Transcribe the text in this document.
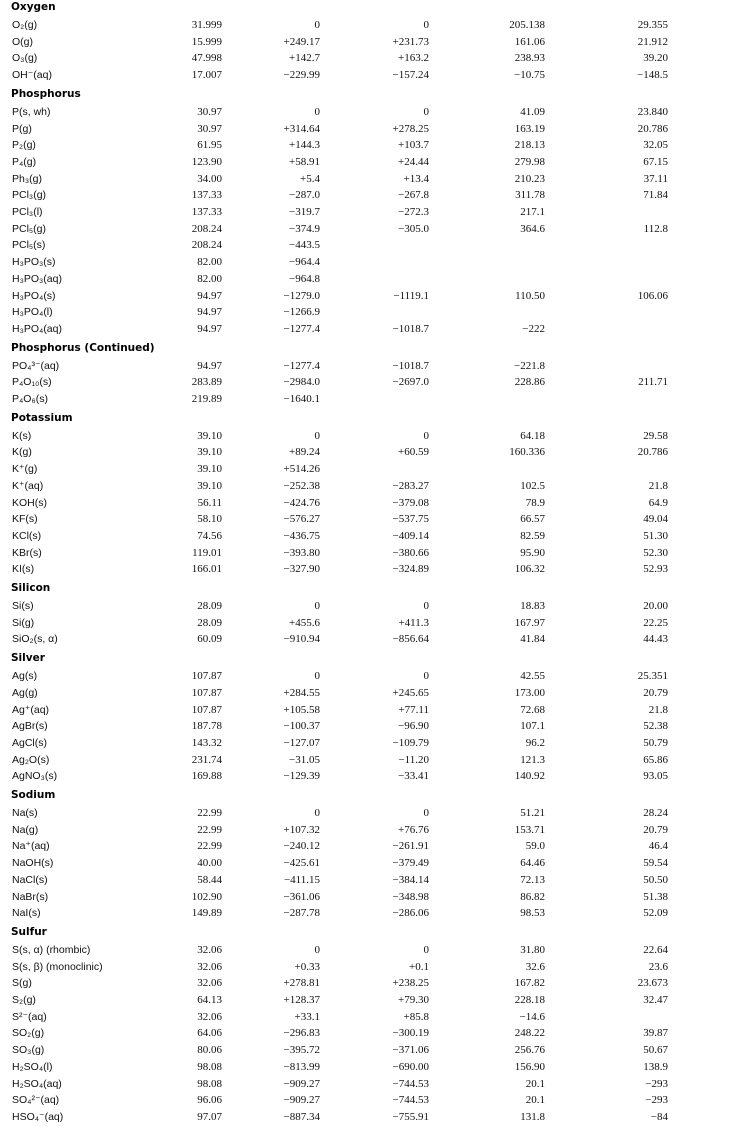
Oxygen
O₂(g)	31.999	0	0	205.138	29.355
O(g)	15.999	+249.17	+231.73	161.06	21.912
O₃(g)	47.998	+142.7	+163.2	238.93	39.20
OH⁻(aq)	17.007	−229.99	−157.24	−10.75	−148.5
Phosphorus
P(s, wh)	30.97	0	0	41.09	23.840
P(g)	30.97	+314.64	+278.25	163.19	20.786
P₂(g)	61.95	+144.3	+103.7	218.13	32.05
P₄(g)	123.90	+58.91	+24.44	279.98	67.15
Ph₃(g)	34.00	+5.4	+13.4	210.23	37.11
PCl₃(g)	137.33	−287.0	−267.8	311.78	71.84
PCl₃(l)	137.33	−319.7	−272.3	217.1
PCl₅(g)	208.24	−374.9	−305.0	364.6	112.8
PCl₅(s)	208.24	−443.5
H₃PO₃(s)	82.00	−964.4
H₃PO₃(aq)	82.00	−964.8
H₃PO₄(s)	94.97	−1279.0	−1119.1	110.50	106.06
H₃PO₄(l)	94.97	−1266.9
H₃PO₄(aq)	94.97	−1277.4	−1018.7	−222
Phosphorus (Continued)
PO₄³⁻(aq)	94.97	−1277.4	−1018.7	−221.8
P₄O₁₀(s)	283.89	−2984.0	−2697.0	228.86	211.71
P₄O₆(s)	219.89	−1640.1
Potassium
K(s)	39.10	0	0	64.18	29.58
K(g)	39.10	+89.24	+60.59	160.336	20.786
K⁺(g)	39.10	+514.26
K⁺(aq)	39.10	−252.38	−283.27	102.5	21.8
KOH(s)	56.11	−424.76	−379.08	78.9	64.9
KF(s)	58.10	−576.27	−537.75	66.57	49.04
KCl(s)	74.56	−436.75	−409.14	82.59	51.30
KBr(s)	119.01	−393.80	−380.66	95.90	52.30
KI(s)	166.01	−327.90	−324.89	106.32	52.93
Silicon
Si(s)	28.09	0	0	18.83	20.00
Si(g)	28.09	+455.6	+411.3	167.97	22.25
SiO₂(s, α)	60.09	−910.94	−856.64	41.84	44.43
Silver
Ag(s)	107.87	0	0	42.55	25.351
Ag(g)	107.87	+284.55	+245.65	173.00	20.79
Ag⁺(aq)	107.87	+105.58	+77.11	72.68	21.8
AgBr(s)	187.78	−100.37	−96.90	107.1	52.38
AgCl(s)	143.32	−127.07	−109.79	96.2	50.79
Ag₂O(s)	231.74	−31.05	−11.20	121.3	65.86
AgNO₃(s)	169.88	−129.39	−33.41	140.92	93.05
Sodium
Na(s)	22.99	0	0	51.21	28.24
Na(g)	22.99	+107.32	+76.76	153.71	20.79
Na⁺(aq)	22.99	−240.12	−261.91	59.0	46.4
NaOH(s)	40.00	−425.61	−379.49	64.46	59.54
NaCl(s)	58.44	−411.15	−384.14	72.13	50.50
NaBr(s)	102.90	−361.06	−348.98	86.82	51.38
NaI(s)	149.89	−287.78	−286.06	98.53	52.09
Sulfur
S(s, α) (rhombic)	32.06	0	0	31.80	22.64
S(s, β) (monoclinic)	32.06	+0.33	+0.1	32.6	23.6
S(g)	32.06	+278.81	+238.25	167.82	23.673
S₂(g)	64.13	+128.37	+79.30	228.18	32.47
S²⁻(aq)	32.06	+33.1	+85.8	−14.6
SO₂(g)	64.06	−296.83	−300.19	248.22	39.87
SO₃(g)	80.06	−395.72	−371.06	256.76	50.67
H₂SO₄(l)	98.08	−813.99	−690.00	156.90	138.9
H₂SO₄(aq)	98.08	−909.27	−744.53	20.1	−293
SO₄²⁻(aq)	96.06	−909.27	−744.53	20.1	−293
HSO₄⁻(aq)	97.07	−887.34	−755.91	131.8	−84
